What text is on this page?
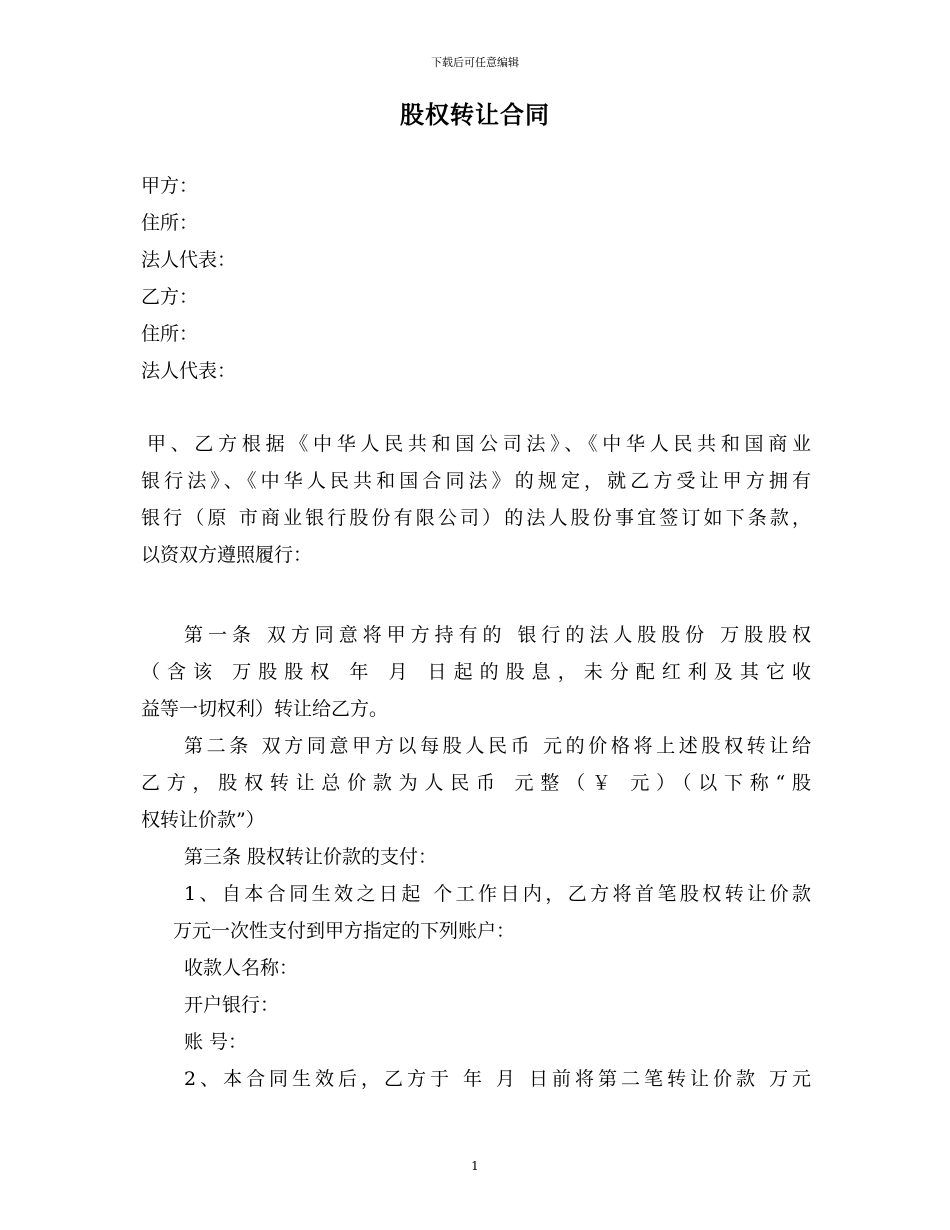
下载后可任意编辑
股权转让合同
甲方：
住所：
法人代表：
乙方：
住所：
法人代表：
甲、乙方根据《中华人民共和国公司法》、《中华人民共和国商业
银行法》、《中华人民共和国合同法》的规定，就乙方受让甲方拥有
银行（原 市商业银行股份有限公司）的法人股份事宜签订如下条款，
以资双方遵照履行：
第一条 双方同意将甲方持有的 银行的法人股股份 万股股权
（含该 万股股权 年 月 日起的股息，未分配红利及其它收
益等一切权利）转让给乙方。
第二条 双方同意甲方以每股人民币 元的价格将上述股权转让给
乙方，股权转让总价款为人民币 元整（￥ 元）（以下称“股
权转让价款”）
第三条 股权转让价款的支付：
1、自本合同生效之日起 个工作日内，乙方将首笔股权转让价款
万元一次性支付到甲方指定的下列账户：
收款人名称：
开户银行：
账 号：
2、本合同生效后，乙方于 年 月 日前将第二笔转让价款 万元
1
